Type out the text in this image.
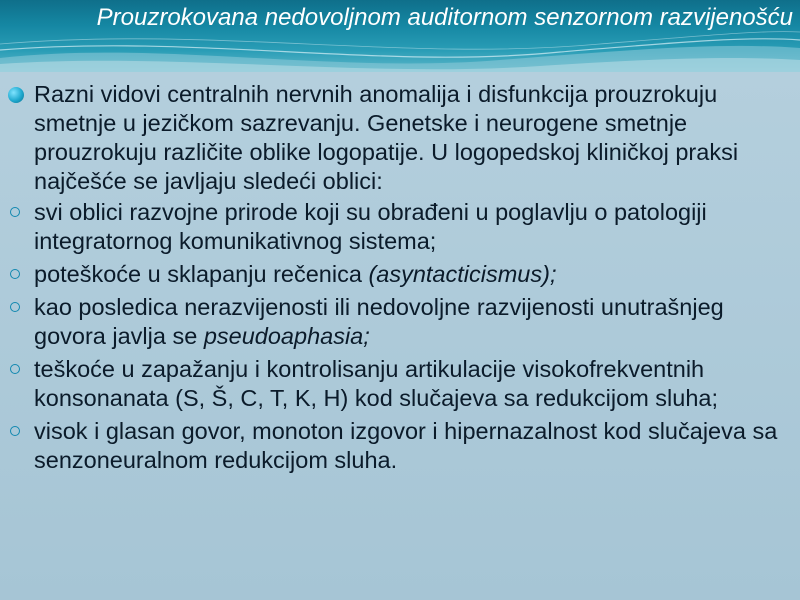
Prouzrokovana nedovoljnom auditornom senzornom razvijenošću
Razni vidovi centralnih nervnih anomalija i disfunkcija prouzrokuju smetnje u jezičkom sazrevanju. Genetske i neurogene smetnje prouzrokuju različite oblike logopatije. U logopedskoj kliničkoj praksi najčešće se javljaju sledeći oblici:
svi oblici razvojne prirode koji su obrađeni u poglavlju o patologiji integratornog komunikativnog sistema;
poteškoće u sklapanju rečenica (asyntacticismus);
kao posledica nerazvijenosti ili nedovoljne razvijenosti unutrašnjeg govora javlja se pseudoaphasia;
teškoće u zapažanju i kontrolisanju artikulacije visokofrekventnih konsonanata (S, Š, C, T, K, H) kod slučajeva sa redukcijom sluha;
visok i glasan govor, monoton izgovor i hipernazalnost kod slučajeva sa senzoneuralnom redukcijom sluha.
